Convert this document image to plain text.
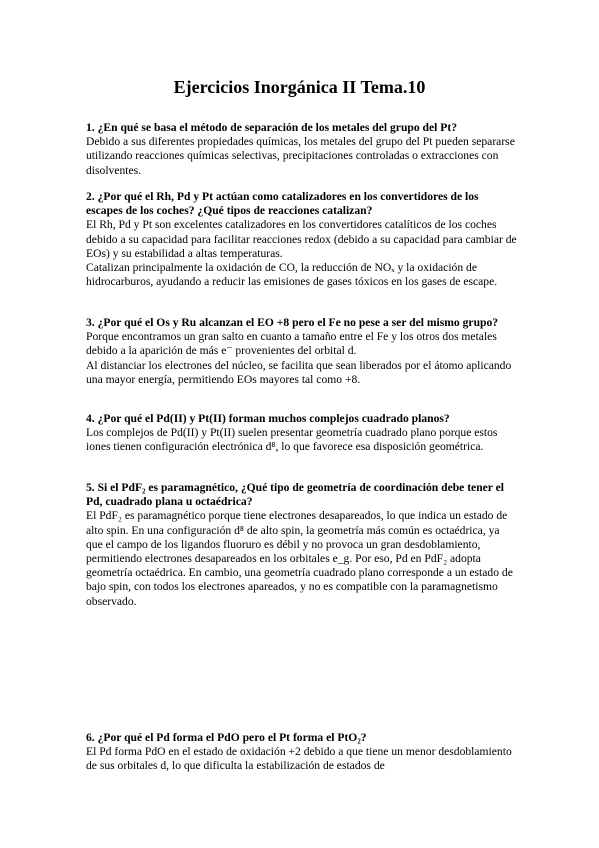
Ejercicios Inorgánica II Tema.10

1. ¿En qué se basa el método de separación de los metales del grupo del Pt?

Debido a sus diferentes propiedades químicas, los metales del grupo del Pt pueden separarse utilizando reacciones químicas selectivas, precipitaciones controladas o extracciones con disolventes.

2. ¿Por qué el Rh, Pd y Pt actúan como catalizadores en los convertidores de los escapes de los coches? ¿Qué tipos de reacciones catalizan?

El Rh, Pd y Pt son excelentes catalizadores en los convertidores catalíticos de los coches debido a su capacidad para facilitar reacciones redox (debido a su capacidad para cambiar de EOs) y su estabilidad a altas temperaturas.

Catalizan principalmente la oxidación de CO, la reducción de NOₓ y la oxidación de hidrocarburos, ayudando a reducir las emisiones de gases tóxicos en los gases de escape.

3. ¿Por qué el Os y Ru alcanzan el EO +8 pero el Fe no pese a ser del mismo grupo?

Porque encontramos un gran salto en cuanto a tamaño entre el Fe y los otros dos metales debido a la aparición de más e⁻ provenientes del orbital d.

Al distanciar los electrones del núcleo, se facilita que sean liberados por el átomo aplicando una mayor energía, permitiendo EOs mayores tal como +8.

4. ¿Por qué el Pd(II) y Pt(II) forman muchos complejos cuadrado planos?

Los complejos de Pd(II) y Pt(II) suelen presentar geometría cuadrado plano porque estos iones tienen configuración electrónica d⁸, lo que favorece esa disposición geométrica.

5. Si el PdF₂ es paramagnético, ¿Qué tipo de geometría de coordinación debe tener el Pd, cuadrado plana u octaédrica?

El PdF₂ es paramagnético porque tiene electrones desapareados, lo que indica un estado de alto spin. En una configuración d⁸ de alto spin, la geometría más común es octaédrica, ya que el campo de los ligandos fluoruro es débil y no provoca un gran desdoblamiento, permitiendo electrones desapareados en los orbitales e_g. Por eso, Pd en PdF₂ adopta geometría octaédrica. En cambio, una geometría cuadrado plano corresponde a un estado de bajo spin, con todos los electrones apareados, y no es compatible con la paramagnetismo observado.

6. ¿Por qué el Pd forma el PdO pero el Pt forma el PtO₂?

El Pd forma PdO en el estado de oxidación +2 debido a que tiene un menor desdoblamiento de sus orbitales d, lo que dificulta la estabilización de estados de
